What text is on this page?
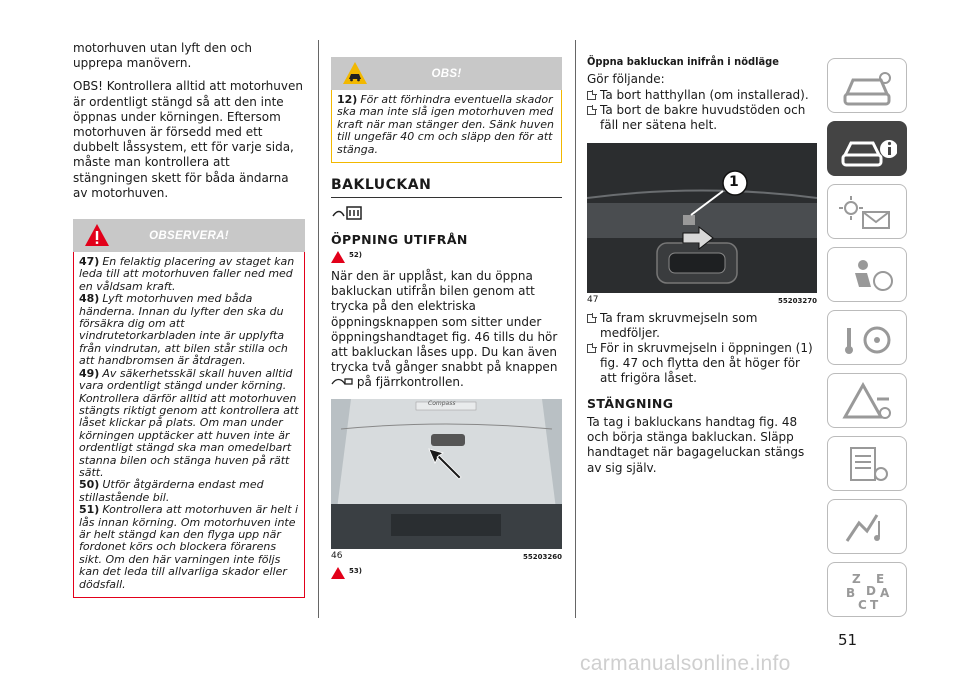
motorhuven utan lyft den och upprepa manövern.

OBS! Kontrollera alltid att motorhuven är ordentligt stängd så att den inte öppnas under körningen. Eftersom motorhuven är försedd med ett dubbelt låssystem, ett för varje sida, måste man kontrollera att stängningen skett för båda ändarna av motorhuven.

OBSERVERA!
47) En felaktig placering av staget kan leda till att motorhuven faller ned med en våldsam kraft.
48) Lyft motorhuven med båda händerna. Innan du lyfter den ska du försäkra dig om att vindrutetorkarbladen inte är upplyfta från vindrutan, att bilen står stilla och att handbromsen är åtdragen.
49) Av säkerhetsskäl skall huven alltid vara ordentligt stängd under körning. Kontrollera därför alltid att motorhuven stängts riktigt genom att kontrollera att låset klickar på plats. Om man under körningen upptäcker att huven inte är ordentligt stängd ska man omedelbart stanna bilen och stänga huven på rätt sätt.
50) Utför åtgärderna endast med stillastående bil.
51) Kontrollera att motorhuven är helt i lås innan körning. Om motorhuven inte är helt stängd kan den flyga upp när fordonet körs och blockera förarens sikt. Om den här varningen inte följs kan det leda till allvarliga skador eller dödsfall.
OBS!
12) För att förhindra eventuella skador ska man inte slå igen motorhuven med kraft när man stänger den. Sänk huven till ungefär 40 cm och släpp den för att stänga.
BAKLUCKAN
ÖPPNING UTIFRÅN
52)

När den är upplåst, kan du öppna bakluckan utifrån bilen genom att trycka på den elektriska öppningsknappen som sitter under öppningshandtaget fig. 46 tills du hör att bakluckan låses upp. Du kan även trycka två gånger snabbt på knappen  på fjärrkontrollen.

Compass
46	55203260
53)
Öppna bakluckan inifrån i nödläge
Gör följande:
Ta bort hatthyllan (om installerad).
Ta bort de bakre huvudstöden och fäll ner sätena helt.
1
47	55203270
Ta fram skruvmejseln som medföljer.
För in skruvmejseln i öppningen (1) fig. 47 och flytta den åt höger för att frigöra låset.
STÄNGNING

Ta tag i bakluckans handtag fig. 48 och börja stänga bakluckan. Släpp handtaget när bagageluckan stängs av sig själv.

Z E
B A
C T
D
51
carmanualsonline.info
